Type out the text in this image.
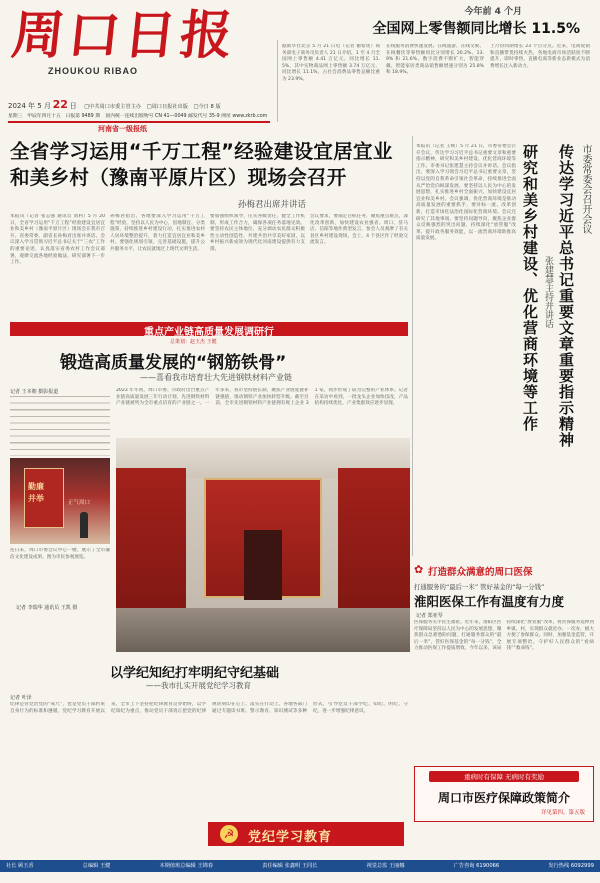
周口日报
ZHOUKOU RIBAO
2024 年 5 月 22 日 □中共周口市委主管主办 □周口日报社出版 □今日 8 版
星期三　甲辰年四月十五　日报第 9489 期 国内统一连续出版物号 CN 41—0049 邮发代号 35-9 网址 www.zkrb.com
河南省一级报纸
今年前 4 个月
全国网上零售额同比增长 11.5%
据新华社北京 5 月 21 日电（记者 谢希瑶）商务部电子商务司负责人 21 日介绍，1 至 4 月全国网上零售额 4.41 万亿元，同比增长 11.5%，其中实物商品网上零售额 3.74 万亿元，同比增长 11.1%，占社会消费品零售总额比重为 23.9%。
在线服务消费快速发展。在线旅游、在线文娱、在线餐饮等零售额同比分别增长 20.2%、13.9% 和 21.6%。数字消费不断扩大，智能穿戴、智能家居类商品销售额增速分别为 25.8% 和 18.9%。
上月份同期增长 23 个百分点。近来，电商促销和直播带货持续火热，各地电商市场活跃度不断提升，即时零售、直播电商等新业态新模式为消费增长注入新动力。
全省学习运用“千万工程”经验建设宜居宜业
和美乡村（豫南平原片区）现场会召开
孙梅君出席并讲话
本报讯（记者 张志强 通讯员 刘利）5 月 20 日，全省学习运用“千万工程”经验建设宜居宜业和美乡村（豫南平原片区）现场会在我市召开。省委常委、副省长孙梅君出席并讲话。会议深入学习贯彻习近平总书记关于“三农”工作的重要论述，认真落实省委农村工作会议部署，观摩交流各地经验做法，研究部署下一步工作。
孙梅君指出，各地要深入学习运用“千万工程”经验，坚持以人民为中心，因地制宜、分类施策，持续推进乡村建设行动，扎实推进农村人居环境整治提升，着力打造宜居宜业和美乡村。要强化规划引领，完善基础设施，提升公共服务水平，让农民就地过上现代文明生活。
要加强组织领导，压实各级责任，健全工作机制，形成工作合力，确保各项任务落地见效。要坚持农民主体地位，充分调动农民群众积极性主动性创造性，共建共治共享美好家园，以乡村振兴新成效为现代化河南建设提供有力支撑。
会议要求，要锚定目标任务，聚焦重点难点，深化改革创新，加快建设农业强省。周口、驻马店、信阳等地作典型发言，参会人员观摩了有关县区乡村建设现场。会上，4 个县区作了经验交流发言。
本报讯（记者 王映）5 月 21 日，市委常委会召开会议，传达学习习近平总书记重要文章和重要指示精神，研究和美乡村建设、优化营商环境等工作。市委书记张建慧主持会议并讲话。会议指出，要深入学习领会习近平总书记重要文章，坚持以党的自我革命引领社会革命，持续推进全面从严治党向纵深发展。要坚持以人民为中心的发展思想，扎实推进乡村全面振兴，加快建设宜居宜业和美乡村。会议强调，优化营商环境是推动高质量发展的重要抓手，要对标一流、改革创新，打造市场化法治化国际化营商环境。会议还研究了其他事项。要坚持问题导向，聚焦企业群众反映强烈的突出问题，持续深化“放管服”改革，提升政务服务效能，以一流营商环境助推高质量发展。	研究和美乡村建设、优化营商环境等工作 张建慧主持并讲话 传达学习近平总书记重要文章重要指示精神 市委常委会召开会议
重点产业链高质量发展调研行
总策划：赵玉杰 王健
锻造高质量发展的“钢筋铁骨”
——喜看我市培育壮大先进钢铁材料产业链
2023 年年初，周口市委、市政府出台重点产业链高质量发展三年行动计划，先进钢铁材料产业链被列为全市重点培育的产业链之一。一年多来，我市坚持链长制，聚焦产业链延链补链强链，推动钢铁产业加快转型升级。截至目前，全市先进钢铁材料产业链拥有规上企业 31 家，初步形成了较为完整的产业体系。记者在采访中看到，一批龙头企业加快技改，产品结构持续优化，产业集群效应逐步显现。
记者 王本朝 摄影报道
勤廉
并举	正气周口
连日来，周口市委会议中心一楼，展示了全市廉洁文化建设成果。图为市民参观展览。
记者 李瑞华 通讯员 王凯 摄
以学纪知纪打牢明纪守纪基础
——我市扎实开展党纪学习教育
记者 叶泽
纪律是管党治党的“戒尺”，也是党员干部约束自身行为的标准和遵循。党纪学习教育开展以来，全市上下坚持把纪律教育贯穿始终，以学纪知纪为重点，推动党员干部真正把党的纪律规矩刻印在心上、落实在行动上。各地各部门通过专题读书班、警示教育、知识测试等多种形式，引导党员干部学纪、知纪、明纪、守纪，进一步增强纪律意识。
☭ 党纪学习教育
✿ 打造群众满意的周口医保
打通服务的“最后一米” 管好基金的“每一分钱”
淮阳医保工作有温度有力度
记者 郑亚琴
医保服务关乎民生福祉。近年来，淮阳区医疗保障局坚持以人民为中心的发展思想，聚焦群众急难愁盼问题，打通服务群众的“最后一米”，管好医保基金的“每一分钱”，全力推动医保工作提质增效。今年以来，该局持续深化“放管服”改革，将医保服务延伸到乡镇、村，实现群众就近办、一次办，极大方便了参保群众。同时，加强基金监管，开展专项整治，守护好人民群众的“看病钱”“救命钱”。
重病时有保障 无病时有奖励
周口市医疗保障政策简介
详见第四、第五版
社长 顾玉香	总编辑 王健	本期值班总编辑 王锦春	责任编辑 张鑫明 王同长	视觉总监 王丽娜	广告咨询 6190066	发行热线 6092999
